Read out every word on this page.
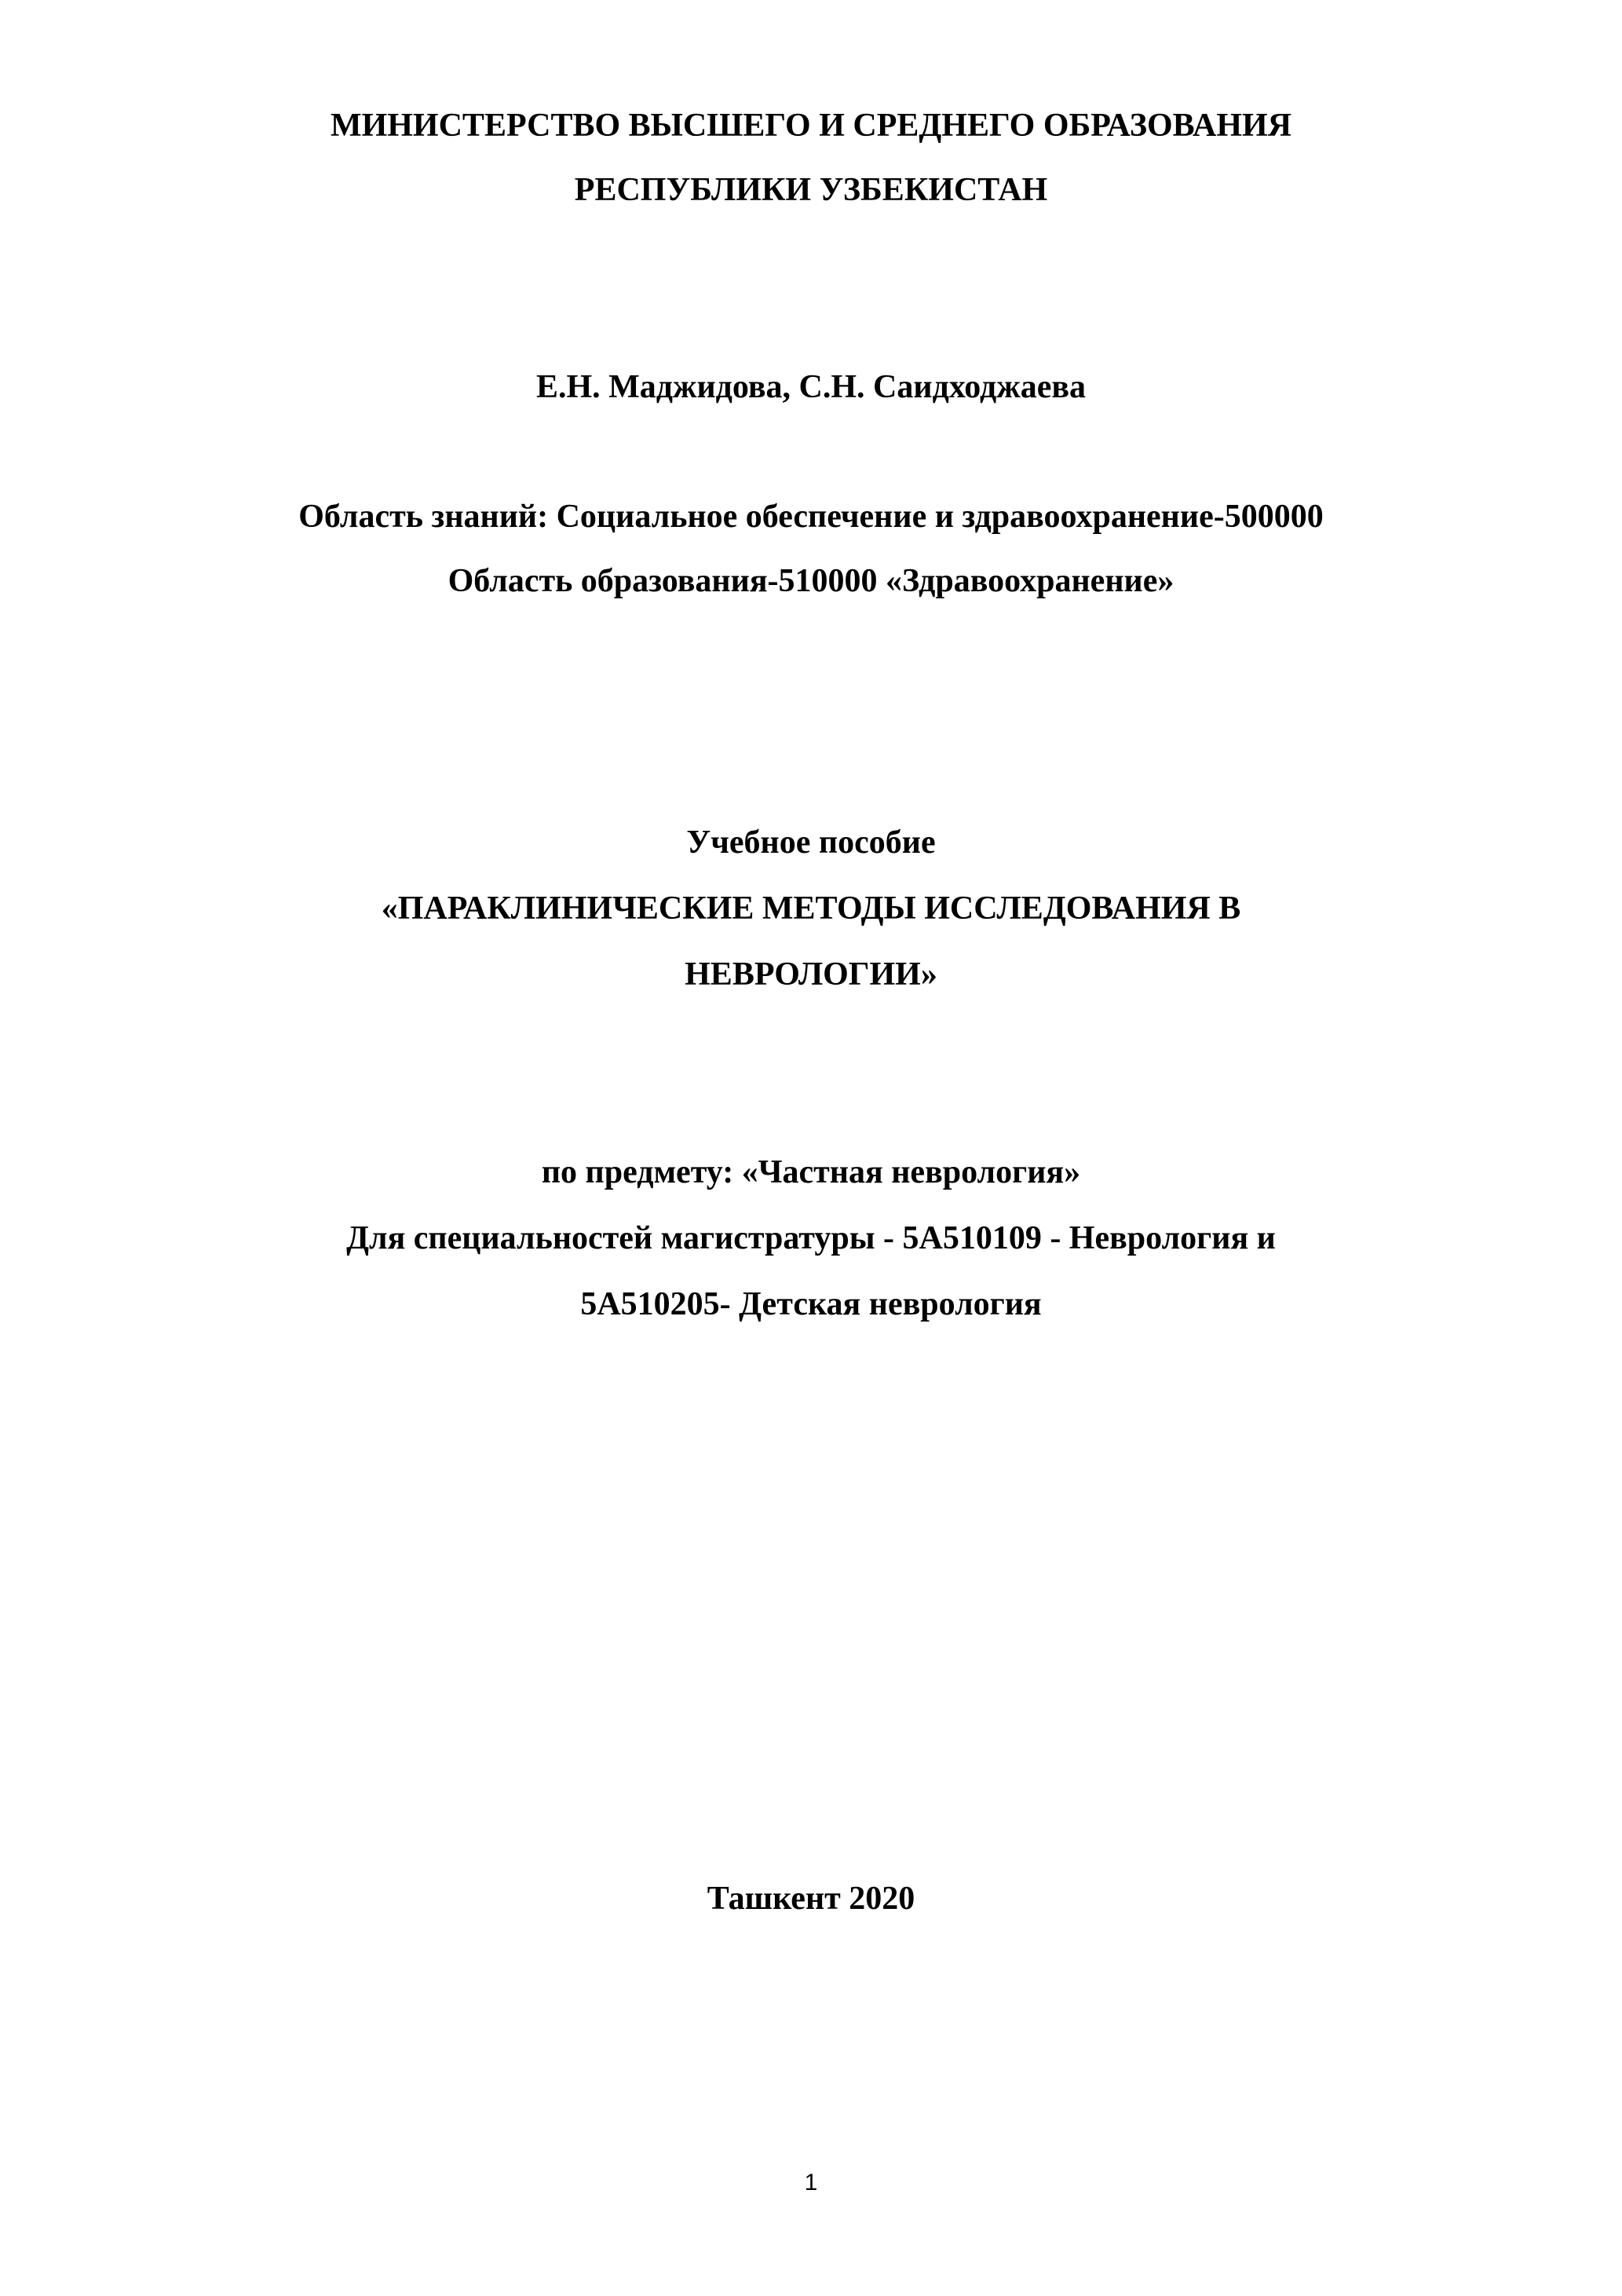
МИНИСТЕРСТВО ВЫСШЕГО И СРЕДНЕГО ОБРАЗОВАНИЯ
РЕСПУБЛИКИ УЗБЕКИСТАН
Е.Н. Маджидова, С.Н. Саидходжаева
Область знаний: Социальное обеспечение и здравоохранение-500000
Область образования-510000 «Здравоохранение»
Учебное пособие
«ПАРАКЛИНИЧЕСКИЕ МЕТОДЫ ИССЛЕДОВАНИЯ В
НЕВРОЛОГИИ»
по предмету: «Частная неврология»
Для специальностей магистратуры - 5А510109 - Неврология и
5А510205- Детская неврология
Ташкент 2020
1
